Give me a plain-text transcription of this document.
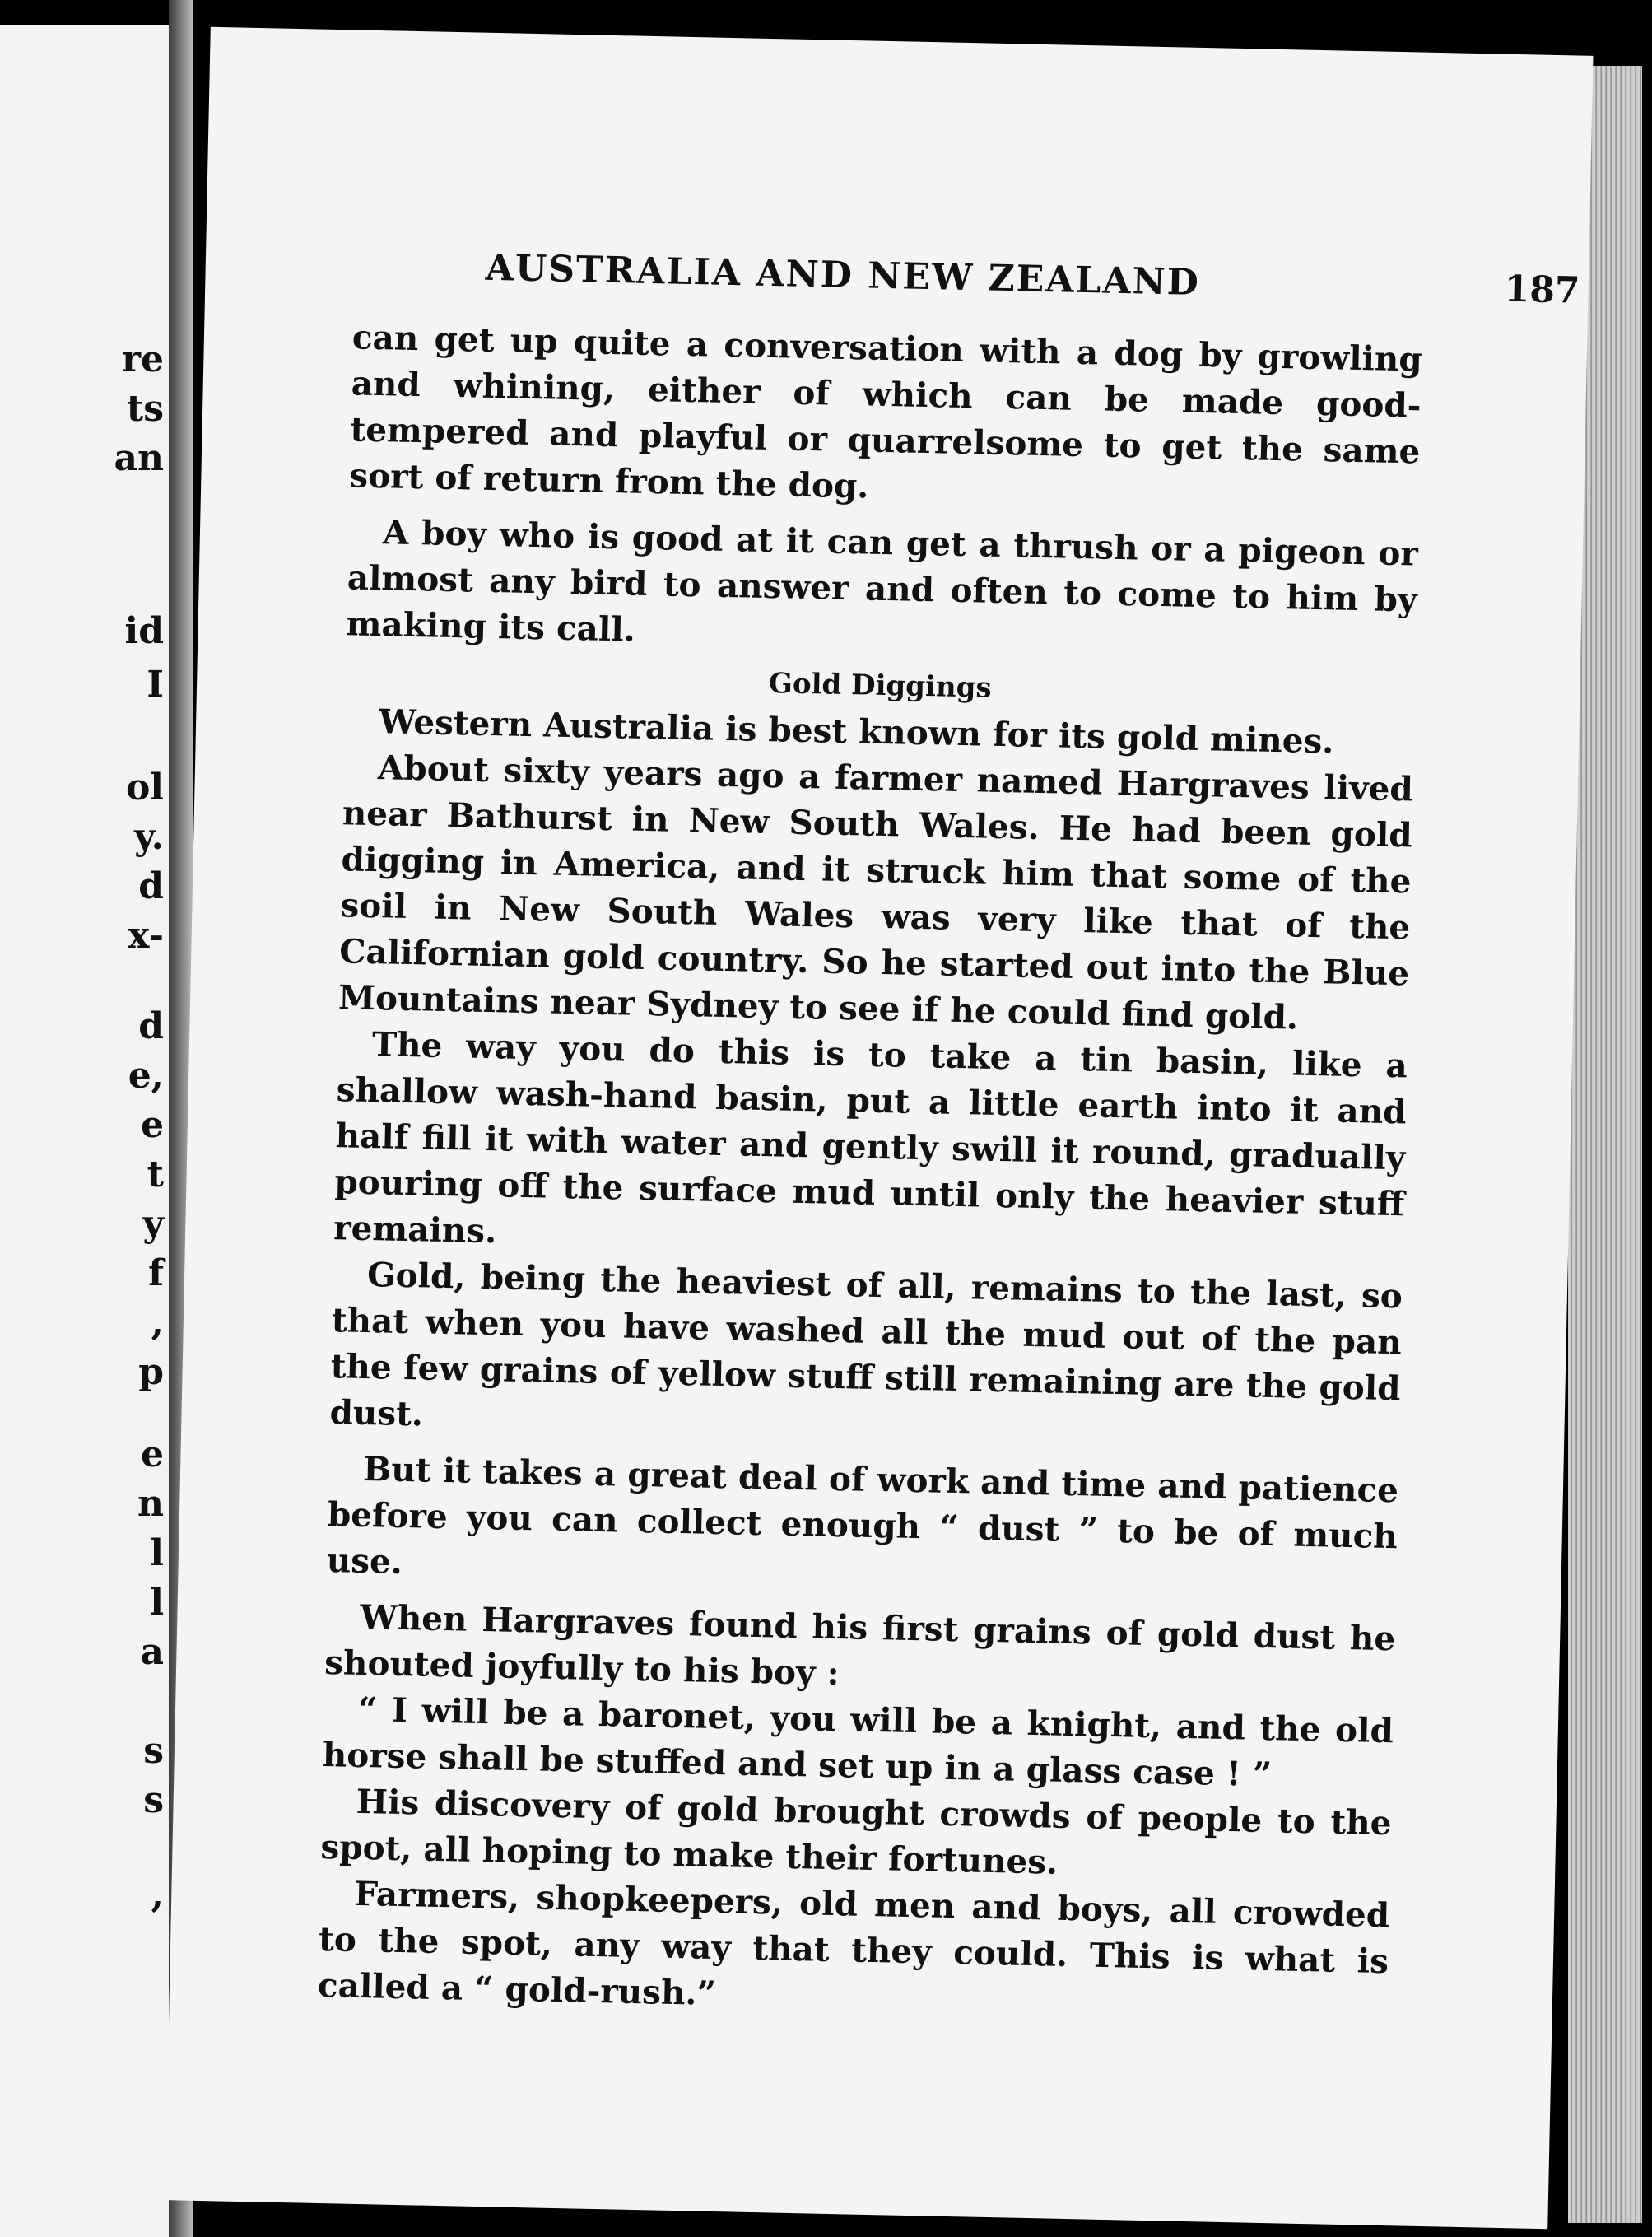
re
ts
an
id
I
ol
y.
d
x-
d
e,
e
t
y
f
,
p
e
n
l
l
a
s
s
,
AUSTRALIA AND NEW ZEALAND	187

can get up quite a conversation with a dog by growling and whining, either of which can be made good-tempered and playful or quarrelsome to get the same sort of return from the dog.

A boy who is good at it can get a thrush or a pigeon or almost any bird to answer and often to come to him by making its call.

Gold Diggings

Western Australia is best known for its gold mines.

About sixty years ago a farmer named Hargraves lived near Bathurst in New South Wales. He had been gold digging in America, and it struck him that some of the soil in New South Wales was very like that of the Californian gold country. So he started out into the Blue Mountains near Sydney to see if he could find gold.

The way you do this is to take a tin basin, like a shallow wash-hand basin, put a little earth into it and half fill it with water and gently swill it round, gradually pouring off the surface mud until only the heavier stuff remains.

Gold, being the heaviest of all, remains to the last, so that when you have washed all the mud out of the pan the few grains of yellow stuff still remaining are the gold dust.

But it takes a great deal of work and time and patience before you can collect enough “ dust ” to be of much use.

When Hargraves found his first grains of gold dust he shouted joyfully to his boy :

“ I will be a baronet, you will be a knight, and the old horse shall be stuffed and set up in a glass case ! ”

His discovery of gold brought crowds of people to the spot, all hoping to make their fortunes.

Farmers, shopkeepers, old men and boys, all crowded to the spot, any way that they could. This is what is called a “ gold-rush.”
